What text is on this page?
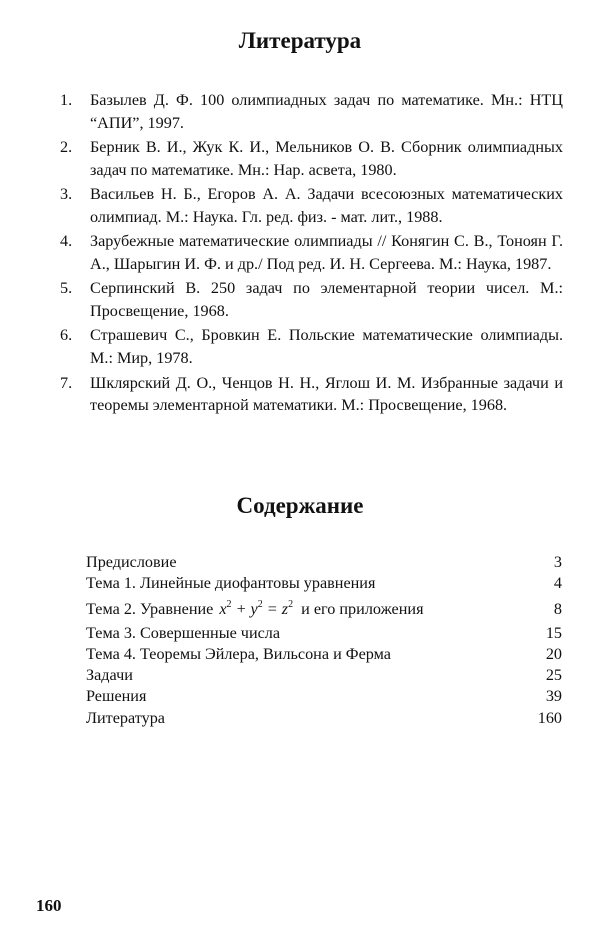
Литература
1.	Базылев Д. Ф. 100 олимпиадных задач по математике. Мн.: НТЦ “АПИ”, 1997.
2.	Берник В. И., Жук К. И., Мельников О. В. Сборник олимпиадных задач по математике. Мн.: Нар. асвета, 1980.
3.	Васильев Н. Б., Егоров А. А. Задачи всесоюзных математических олимпиад. М.: Наука. Гл. ред. физ. - мат. лит., 1988.
4.	Зарубежные математические олимпиады // Конягин С. В., Тоноян Г. А., Шарыгин И. Ф. и др./ Под ред. И. Н. Сергеева. М.: Наука, 1987.
5.	Серпинский В. 250 задач по элементарной теории чисел. М.: Просвещение, 1968.
6.	Страшевич С., Бровкин Е. Польские математические олимпиады. М.: Мир, 1978.
7.	Шклярский Д. О., Ченцов Н. Н., Яглош И. М. Избранные задачи и теоремы элементарной математики. М.: Просвещение, 1968.
Содержание
Предисловие	3
Тема 1. Линейные диофантовы уравнения	4
Тема 2. Уравнение $x^2 + y^2 = z^2$ и его приложения	8
Тема 3. Совершенные числа	15
Тема 4. Теоремы Эйлера, Вильсона и Ферма	20
Задачи	25
Решения	39
Литература	160
160
